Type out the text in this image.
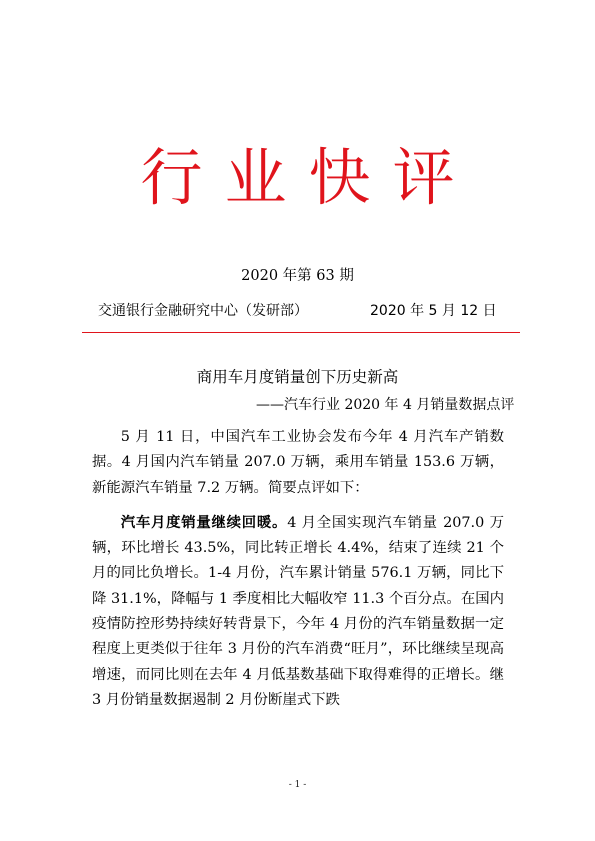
行业快评
2020 年第 63 期
交通银行金融研究中心（发研部）	2020 年 5 月 12 日
商用车月度销量创下历史新高
——汽车行业 2020 年 4 月销量数据点评

5 月 11 日，中国汽车工业协会发布今年 4 月汽车产销数据。4 月国内汽车销量 207.0 万辆，乘用车销量 153.6 万辆，新能源汽车销量 7.2 万辆。简要点评如下：

汽车月度销量继续回暖。4 月全国实现汽车销量 207.0 万辆，环比增长 43.5%，同比转正增长 4.4%，结束了连续 21 个月的同比负增长。1-4 月份，汽车累计销量 576.1 万辆，同比下降 31.1%，降幅与 1 季度相比大幅收窄 11.3 个百分点。在国内疫情防控形势持续好转背景下，今年 4 月份的汽车销量数据一定程度上更类似于往年 3 月份的汽车消费“旺月”，环比继续呈现高增速，而同比则在去年 4 月低基数基础下取得难得的正增长。继 3 月份销量数据遏制 2 月份断崖式下跌

- 1 -
